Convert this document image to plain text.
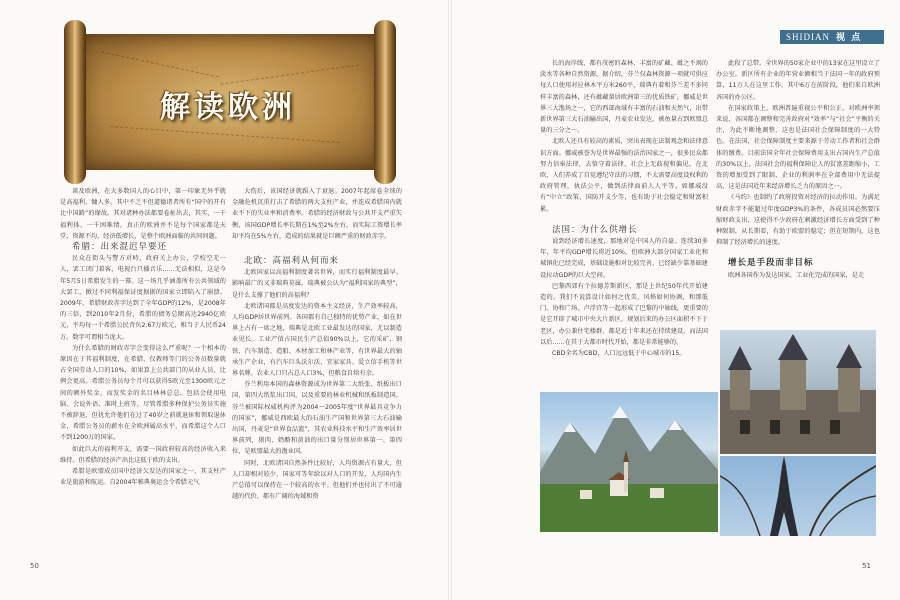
SHIDIAN 视 点
解读欧洲

谈及欧洲，在大多数国人的心目中，第一印象无外乎就是高福利、慵人多。其中不乏不但道德诸者所有“国中的开有比中国路”的缘故。其对诸种办法都要卷扯出去，其实，一千福利体、一千困难情，真正的欧洲并不是每个国家都是天堂，资源不均，经济低增长，是整个欧洲面临的共同问题。

希腊：出来混迟早要还

民众在街头与警方对峙，政府关上办公，学校空无一人，罢工闭门着客，电视台只播音乐……无法相似，这是今年5月5日希腊发生的一幕。这一场几乎涵盖所有公共领域的大罢工，掀过不同利福保证度据据的国家立即陷入了崩溃。2009年，希腊财政赤字达到了全年GDP的12%，是2008年的三倍，到2010年2月份，希腊的债务总额高达2940亿欧元，平均每一个希腊公民背负2.67万欧元，相当于人民币24万。数字可谓相当庞大。

为什么希腊的财政赤字会变得这么严重呢？一个相本的原因在于其福利制度，在希腊，仅教师等门的公务员数量就占全国劳动人口的10%，如果算上公共部门的从业人员，比例会更高。希腊公务员每个月可以获得5欧元至1300欧元之间的额外奖金，而发奖金的名目林林总总，包括会使用电脑、会说外语、准时上班等，尽管希腊多种保护公务员实施不被辞退，但犹允许他们在过了40岁之前就退休和领取退休金，希腊公务员的薪水在全欧洲属高水平，而希腊这个人口不到1200万的国家。

如此巨大的福利开支，需要一国政府较高的经济收入来维持。但希腊的经济产出比这低于欧的支出。

希腊是欧盟成员国中经济欠发达的国家之一，其支柱产业是旅游和航运。自2004年雅典奥运会令希腊元气

大伤后，该国经济就蹈入了衰退。2007年起席卷全球的金融危机沉重打击了希腊的两大支柱产业，并连成希腊国内就业不下的失业率和消费率。希腊的经济财政与公共开支严重失衡，该国GDP增长率长期在1%至2%左右，而实际工资增长率却平均在5%左右，造成的结果就是巨额严重的财政赤字。

北欧：高福利从何而来

北欧国家以高福利制度著名世界，而实行福利制度最早、影响最广的又非瑞典莫属。瑞典被公认为“福利国家的典型”，是什么支撑了他们的高福利？

北欧诸国都是高度发达的资本主义经济，生产效率较高，人均GDP居世界前列。各国都有自己独特的优势产业，如在世界上占有一席之地，瑞典是北欧工业最发达的国家，尤以制造业见长。工业产值占国民生产总值90%以上，它的采矿、钢铁、汽车制造、造船、木材加工和林产业等，有世界最大的轴承生产企业，有汽车巨头沃尔沃、宜家家具、爱立信手机等世界名牌。农业人口只占总人口3%，但粮食自给有余。

芬兰利用本国的森林资源成为世界第二大纸张、纸板出口国，第四大纸浆出口国，以及重要的林业机械和纸板制造国。芬兰被国际权威机构评为2004～2005年度“世界最具竞争力的国家”，挪威是西欧最大的石油生产国和世界第三大石油输出国，丹麦是“世界食品篮”，其农业科技水平和生产效率居世界前列，猪肉、奶酪和黄油的出口量分别居世界第一、第四位，是欧盟最大的渔业国。

同时，北欧诸国自然条件比较好，人均资源占有量大，但人口却相对较少，国家可等年给以对人口的开发，人均国内生产总值可以保持在一个较高的水平。但他们并也付出了不可逾越的代价，都有广阔的海域和资

长的海岸线，都有茂密的森林、丰富的矿藏、蕴之不竭的淡水等各种自然资源，据介绍，芬兰仅森林资源一项就可供应每人口使用对应林木平方米260平，瑞典有着和芬兰差不多同样丰富的森林，还有蕴藏量居欧洲第三的优质铁矿，挪威是世界三大渔场之一，它的西部海域有丰富的石油和天然气，出带新世界第三大石油输出国，丹麦农业发达，被鱼量占到欧盟总量的三分之一。

北欧人还具有较高的素质，突出表现在法制观念和法律意识方面。挪威被誉为是世界最强的法治国家之一，很多民众都努力信奉法律，去恪守着法律，社会上无歧视和偏见。在北欧，人们养成了自觉遵纪守法的习惯，不太需要高度设权利的政府管理，执法公平，做到法律面前人人平等。如挪威没有“中立”政策，国防开支少等，也有助于社会稳定和财富积累。

法国：为什么供增长

说到经济增长速度，那地对是中国人的自豪。连续30多年，年平均GDP增长将近10%，但欧洲大部分国家工业化和城镇化已经完成，基础设施相对比较完善，已经缺少靠基础建设拉动GDP的巨大空间。

巴黎西郊有个拉德芳斯新区，那是上世纪50年代开始建造的。我们不说算设计如何之优美，风格如何协调，和那低门、协和广场、卢浮宫等一起形成了巴黎的中轴线，更重要的是它开辟了城市中央大片新区，规划后来的办公区面积不下于老区，办公兼住宅楼群、都是近十年来还在持续建设，而法国以后……在其于大都市时代开始，都是非常能够的。

CBD全名为CBD，人口远远低于中心城市的15。

此段了总带。全世界的50家企业中的13家在这里设立了办公室。新区所有企业的年营业额相当于法国一年的政府预算，11万人在这里工作，其中6万在前阶段，他们来自欧洲各国的办公区。

在国家政策上，欧洲普遍重视公平和公正。对欧洲率领来说，各国都在调整和完善政府对“效率”与“社会”平衡的关注，为此不断地调整，这也是法国社会保障制度的一大特色。在法国，社会保障制度主要来源于劳动工作者和社会群体的缴费。目前法国全年社会保障费用支出占国内生产总值的30%以上。法国社会的福利保障让人的贫富差距缩小，工资的增加受到了限制，企业的利润率在全部费用中无法提高，这是法国近年来经济增长乏力的原因之一。

《马约》也制约了政府投资对经济的拉动作用。为满足财政赤字不能超过年度GDP3%的条件，各成员国必然要压缩财政支出，这使得不少政府在刺激经济增长方面受到了种种限制，从长期看，有助于欧盟的稳定；但在短期内，这也抑制了经济增长的速度。

增长是手段而非目标

欧洲各国作为发达国家，工业化完成的国家，是走

50	51
